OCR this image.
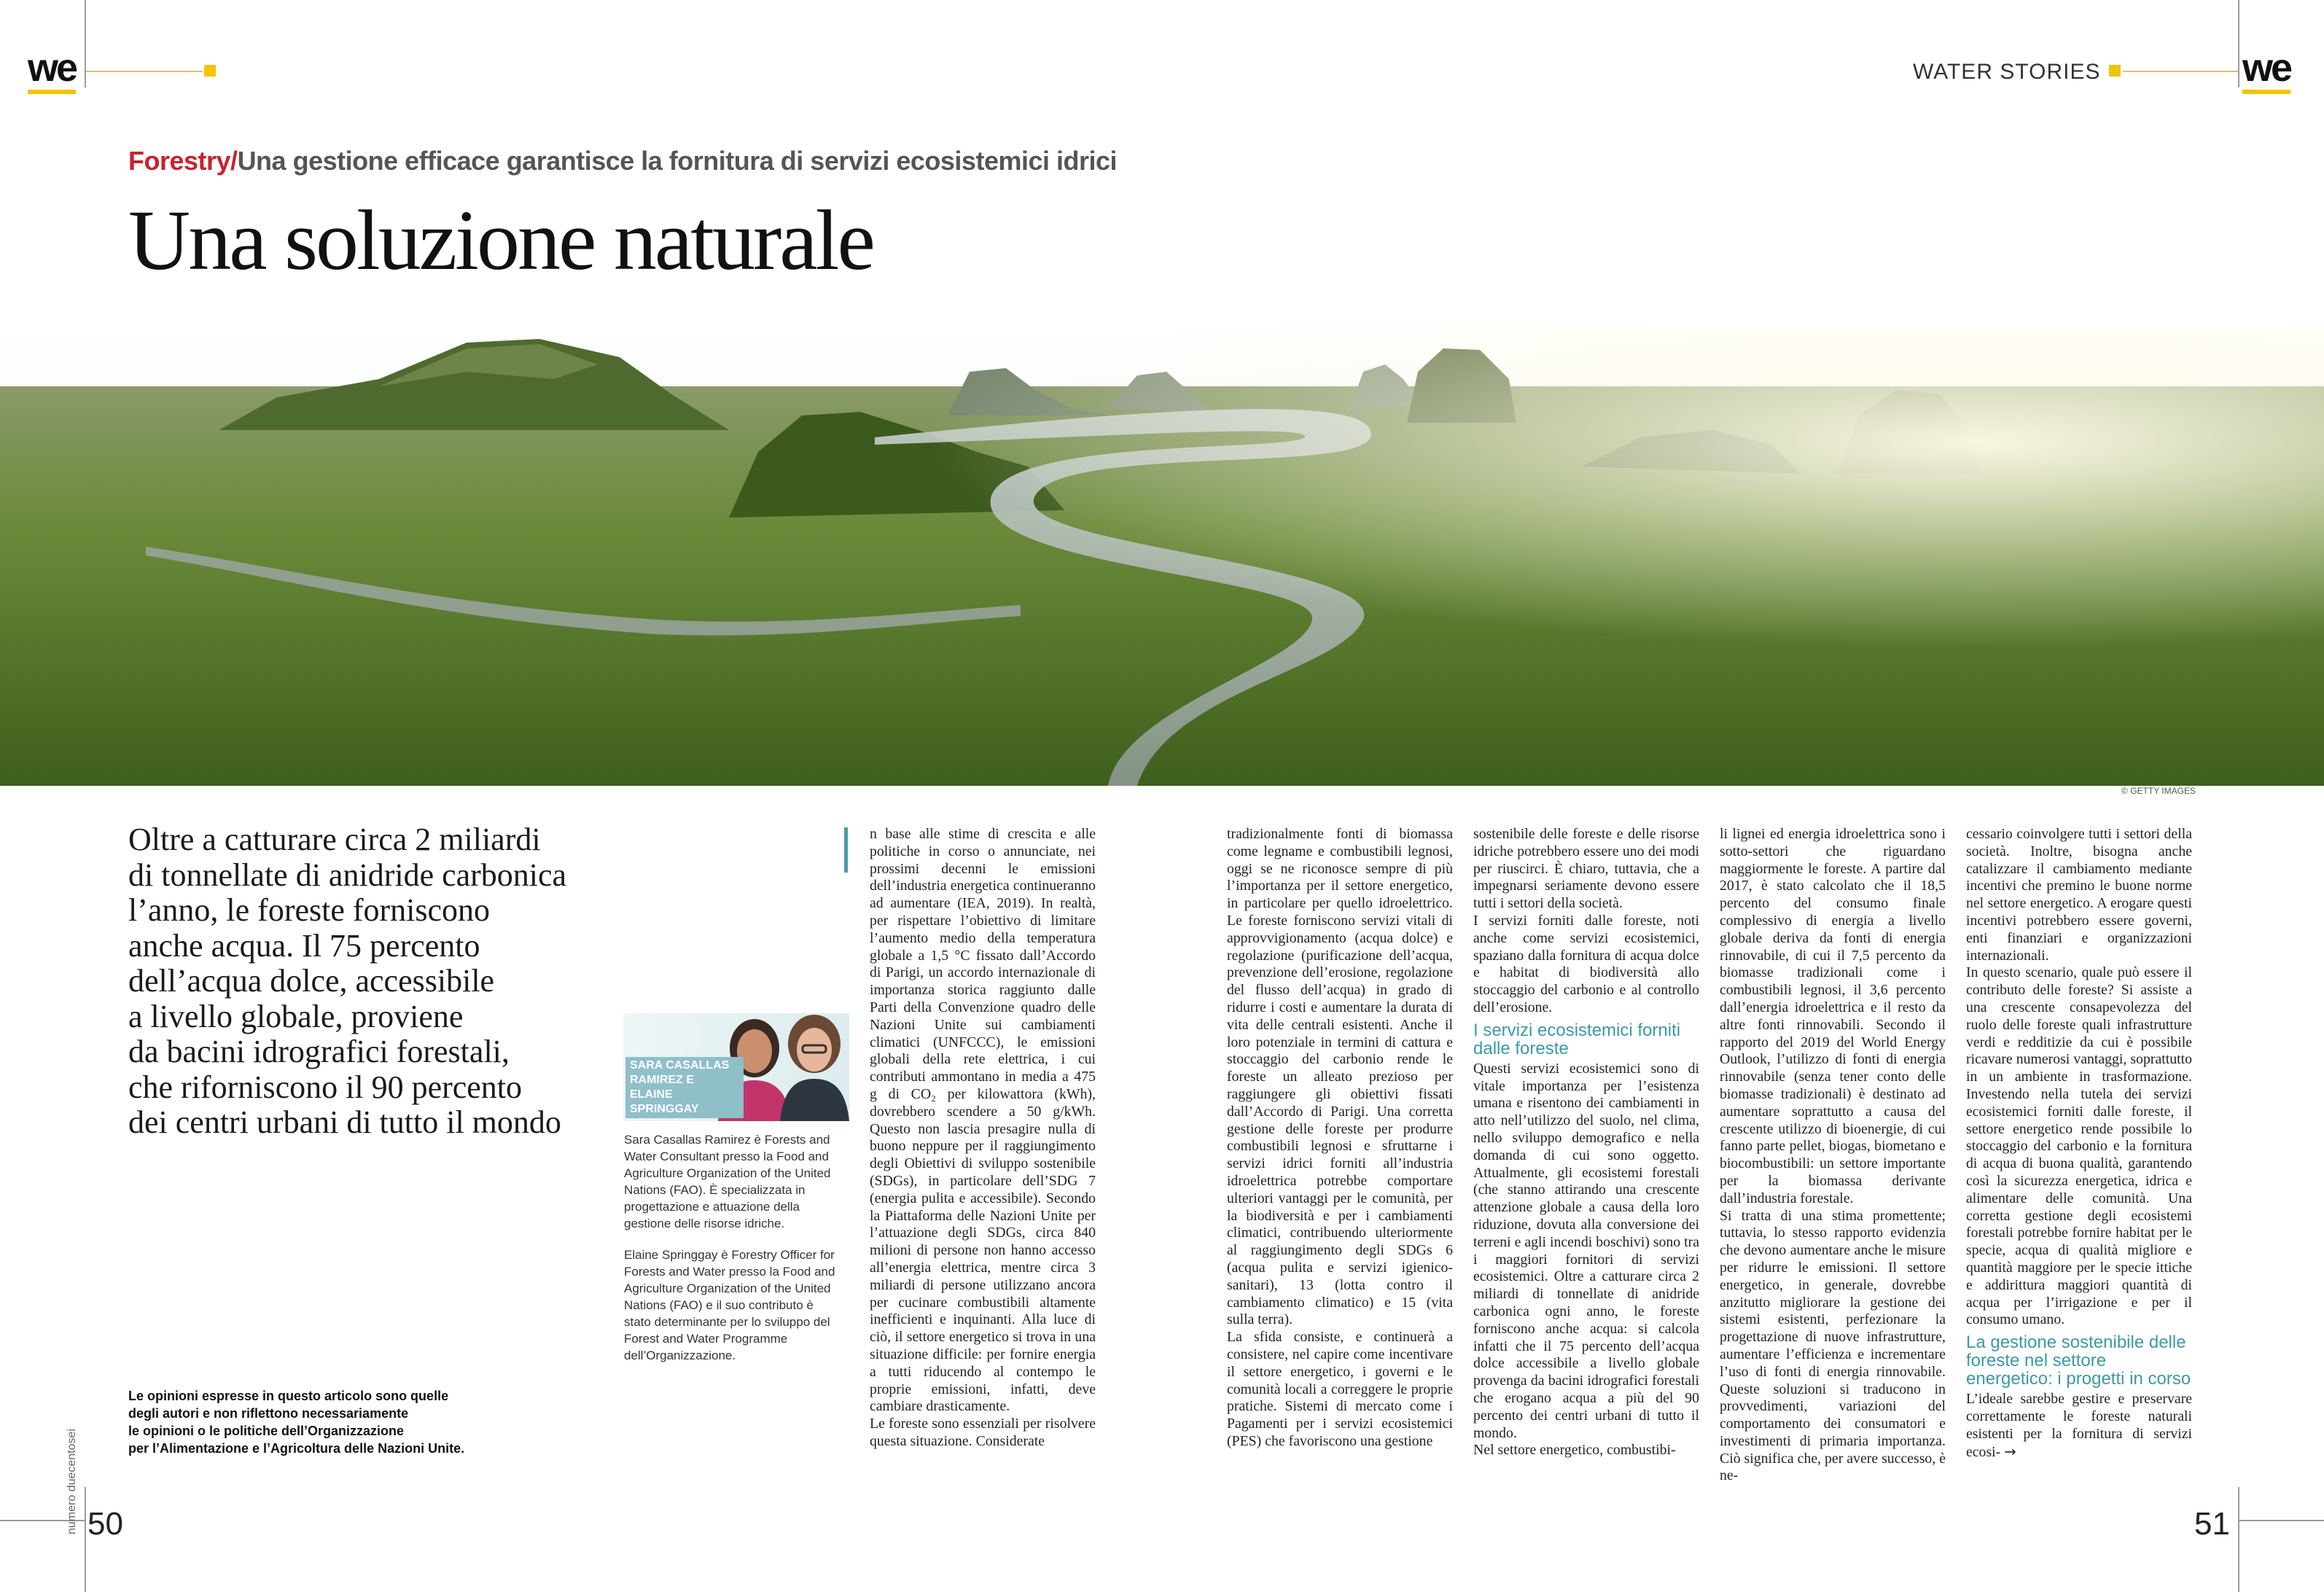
we	WATER STORIES	we
Forestry/Una gestione efficace garantisce la fornitura di servizi ecosistemici idrici
Una soluzione naturale
© GETTY IMAGES
Oltre a catturare circa 2 miliardi
di tonnellate di anidride carbonica
l’anno, le foreste forniscono
anche acqua. Il 75 percento
dell’acqua dolce, accessibile
a livello globale, proviene
da bacini idrografici forestali,
che riforniscono il 90 percento
dei centri urbani di tutto il mondo
SARA CASALLAS RAMIREZ E ELAINE SPRINGGAY
Sara Casallas Ramirez è Forests and Water Consultant presso la Food and Agriculture Organization of the United Nations (FAO). È specializzata in progettazione e attuazione della gestione delle risorse idriche.
Elaine Springgay è Forestry Officer for Forests and Water presso la Food and Agriculture Organization of the United Nations (FAO) e il suo contributo è stato determinante per lo sviluppo del Forest and Water Programme dell’Organizzazione.
Le opinioni espresse in questo articolo sono quelle
degli autori e non riflettono necessariamente
le opinioni o le politiche dell’Organizzazione
per l’Alimentazione e l’Agricoltura delle Nazioni Unite.

n base alle stime di crescita e alle politiche in corso o annunciate, nei prossimi decenni le emissioni dell’industria energetica continueranno ad aumentare (IEA, 2019). In realtà, per rispettare l’obiettivo di limitare l’aumento medio della temperatura globale a 1,5 °C fissato dall’Accordo di Parigi, un accordo internazionale di importanza storica raggiunto dalle Parti della Convenzione quadro delle Nazioni Unite sui cambiamenti climatici (UNFCCC), le emissioni globali della rete elettrica, i cui contributi ammontano in media a 475 g di CO₂ per kilowattora (kWh), dovrebbero scendere a 50 g/kWh. Questo non lascia presagire nulla di buono neppure per il raggiungimento degli Obiettivi di sviluppo sostenibile (SDGs), in particolare dell’SDG 7 (energia pulita e accessibile). Secondo la Piattaforma delle Nazioni Unite per l’attuazione degli SDGs, circa 840 milioni di persone non hanno accesso all’energia elettrica, mentre circa 3 miliardi di persone utilizzano ancora per cucinare combustibili altamente inefficienti e inquinanti. Alla luce di ciò, il settore energetico si trova in una situazione difficile: per fornire energia a tutti riducendo al contempo le proprie emissioni, infatti, deve cambiare drasticamente.

Le foreste sono essenziali per risolvere questa situazione. Considerate

tradizionalmente fonti di biomassa come legname e combustibili legnosi, oggi se ne riconosce sempre di più l’importanza per il settore energetico, in particolare per quello idroelettrico. Le foreste forniscono servizi vitali di approvvigionamento (acqua dolce) e regolazione (purificazione dell’acqua, prevenzione dell’erosione, regolazione del flusso dell’acqua) in grado di ridurre i costi e aumentare la durata di vita delle centrali esistenti. Anche il loro potenziale in termini di cattura e stoccaggio del carbonio rende le foreste un alleato prezioso per raggiungere gli obiettivi fissati dall’Accordo di Parigi. Una corretta gestione delle foreste per produrre combustibili legnosi e sfruttarne i servizi idrici forniti all’industria idroelettrica potrebbe comportare ulteriori vantaggi per le comunità, per la biodiversità e per i cambiamenti climatici, contribuendo ulteriormente al raggiungimento degli SDGs 6 (acqua pulita e servizi igienico-sanitari), 13 (lotta contro il cambiamento climatico) e 15 (vita sulla terra).

La sfida consiste, e continuerà a consistere, nel capire come incentivare il settore energetico, i governi e le comunità locali a correggere le proprie pratiche. Sistemi di mercato come i Pagamenti per i servizi ecosistemici (PES) che favoriscono una gestione

sostenibile delle foreste e delle risorse idriche potrebbero essere uno dei modi per riuscirci. È chiaro, tuttavia, che a impegnarsi seriamente devono essere tutti i settori della società.

I servizi forniti dalle foreste, noti anche come servizi ecosistemici, spaziano dalla fornitura di acqua dolce e habitat di biodiversità allo stoccaggio del carbonio e al controllo dell’erosione.

I servizi ecosistemici forniti dalle foreste

Questi servizi ecosistemici sono di vitale importanza per l’esistenza umana e risentono dei cambiamenti in atto nell’utilizzo del suolo, nel clima, nello sviluppo demografico e nella domanda di cui sono oggetto. Attualmente, gli ecosistemi forestali (che stanno attirando una crescente attenzione globale a causa della loro riduzione, dovuta alla conversione dei terreni e agli incendi boschivi) sono tra i maggiori fornitori di servizi ecosistemici. Oltre a catturare circa 2 miliardi di tonnellate di anidride carbonica ogni anno, le foreste forniscono anche acqua: si calcola infatti che il 75 percento dell’acqua dolce accessibile a livello globale provenga da bacini idrografici forestali che erogano acqua a più del 90 percento dei centri urbani di tutto il mondo.

Nel settore energetico, combustibi-

li lignei ed energia idroelettrica sono i sotto-settori che riguardano maggiormente le foreste. A partire dal 2017, è stato calcolato che il 18,5 percento del consumo finale complessivo di energia a livello globale deriva da fonti di energia rinnovabile, di cui il 7,5 percento da biomasse tradizionali come i combustibili legnosi, il 3,6 percento dall’energia idroelettrica e il resto da altre fonti rinnovabili. Secondo il rapporto del 2019 del World Energy Outlook, l’utilizzo di fonti di energia rinnovabile (senza tener conto delle biomasse tradizionali) è destinato ad aumentare soprattutto a causa del crescente utilizzo di bioenergie, di cui fanno parte pellet, biogas, biometano e biocombustibili: un settore importante per la biomassa derivante dall’industria forestale.

Si tratta di una stima promettente; tuttavia, lo stesso rapporto evidenzia che devono aumentare anche le misure per ridurre le emissioni. Il settore energetico, in generale, dovrebbe anzitutto migliorare la gestione dei sistemi esistenti, perfezionare la progettazione di nuove infrastrutture, aumentare l’efficienza e incrementare l’uso di fonti di energia rinnovabile. Queste soluzioni si traducono in provvedimenti, variazioni del comportamento dei consumatori e investimenti di primaria importanza. Ciò significa che, per avere successo, è ne-

cessario coinvolgere tutti i settori della società. Inoltre, bisogna anche catalizzare il cambiamento mediante incentivi che premino le buone norme nel settore energetico. A erogare questi incentivi potrebbero essere governi, enti finanziari e organizzazioni internazionali.

In questo scenario, quale può essere il contributo delle foreste? Si assiste a una crescente consapevolezza del ruolo delle foreste quali infrastrutture verdi e redditizie da cui è possibile ricavare numerosi vantaggi, soprattutto in un ambiente in trasformazione. Investendo nella tutela dei servizi ecosistemici forniti dalle foreste, il settore energetico rende possibile lo stoccaggio del carbonio e la fornitura di acqua di buona qualità, garantendo così la sicurezza energetica, idrica e alimentare delle comunità. Una corretta gestione degli ecosistemi forestali potrebbe fornire habitat per le specie, acqua di qualità migliore e quantità maggiore per le specie ittiche e addirittura maggiori quantità di acqua per l’irrigazione e per il consumo umano.

La gestione sostenibile delle foreste nel settore energetico: i progetti in corso

L’ideale sarebbe gestire e preservare correttamente le foreste naturali esistenti per la fornitura di servizi ecosi- →

numero duecentosei 50	51
